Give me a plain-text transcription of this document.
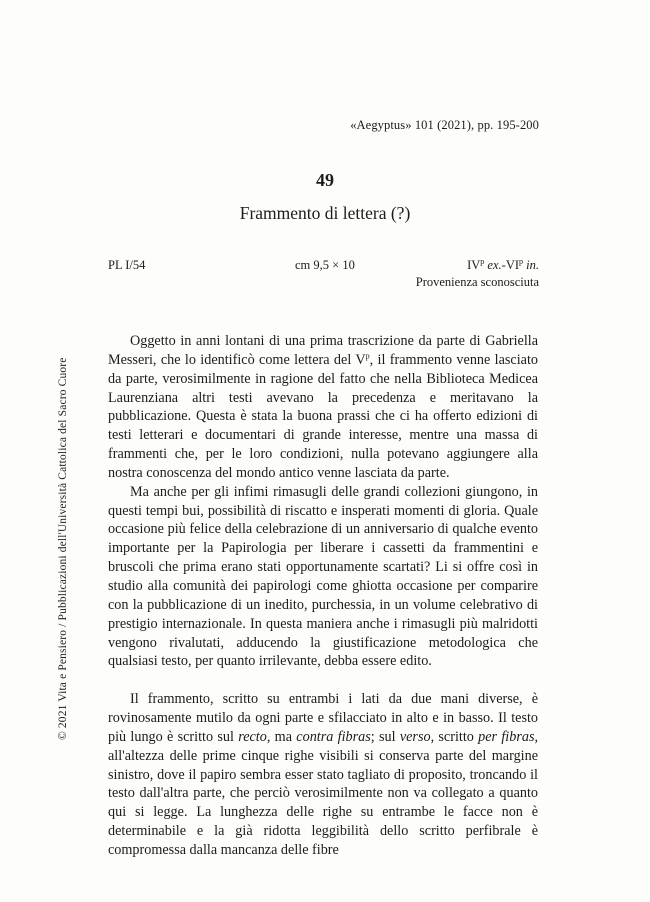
«Aegyptus» 101 (2021), pp. 195-200
49
Frammento di lettera (?)
PL I/54	cm 9,5 × 10	$IV^p$ $ex.-VI^p$ in.
Provenienza sconosciuta
© 2021 Vita e Pensiero / Pubblicazioni dell'Università Cattolica del Sacro Cuore

Oggetto in anni lontani di una prima trascrizione da parte di Gabriella Messeri, che lo identificò come lettera del $V^p$, il frammento venne lasciato da parte, verosimilmente in ragione del fatto che nella Biblioteca Medicea Laurenziana altri testi avevano la precedenza e meritavano la pubblicazione. Questa è stata la buona prassi che ci ha offerto edizioni di testi letterari e documentari di grande interesse, mentre una massa di frammenti che, per le loro condizioni, nulla potevano aggiungere alla nostra conoscenza del mondo antico venne lasciata da parte.

Ma anche per gli infimi rimasugli delle grandi collezioni giungono, in questi tempi bui, possibilità di riscatto e insperati momenti di gloria. Quale occasione più felice della celebrazione di un anniversario di qualche evento importante per la Papirologia per liberare i cassetti da frammentini e bruscoli che prima erano stati opportunamente scartati? Li si offre così in studio alla comunità dei papirologi come ghiotta occasione per comparire con la pubblicazione di un inedito, purchessia, in un volume celebrativo di prestigio internazionale. In questa maniera anche i rimasugli più malridotti vengono rivalutati, adducendo la giustificazione metodologica che qualsiasi testo, per quanto irrilevante, debba essere edito.

Il frammento, scritto su entrambi i lati da due mani diverse, è rovinosamente mutilo da ogni parte e sfilacciato in alto e in basso. Il testo più lungo è scritto sul recto, ma contra fibras; sul verso, scritto per fibras, all'altezza delle prime cinque righe visibili si conserva parte del margine sinistro, dove il papiro sembra esser stato tagliato di proposito, troncando il testo dall'altra parte, che perciò verosimilmente non va collegato a quanto qui si legge. La lunghezza delle righe su entrambe le facce non è determinabile e la già ridotta leggibilità dello scritto perfibrale è compromessa dalla mancanza delle fibre
